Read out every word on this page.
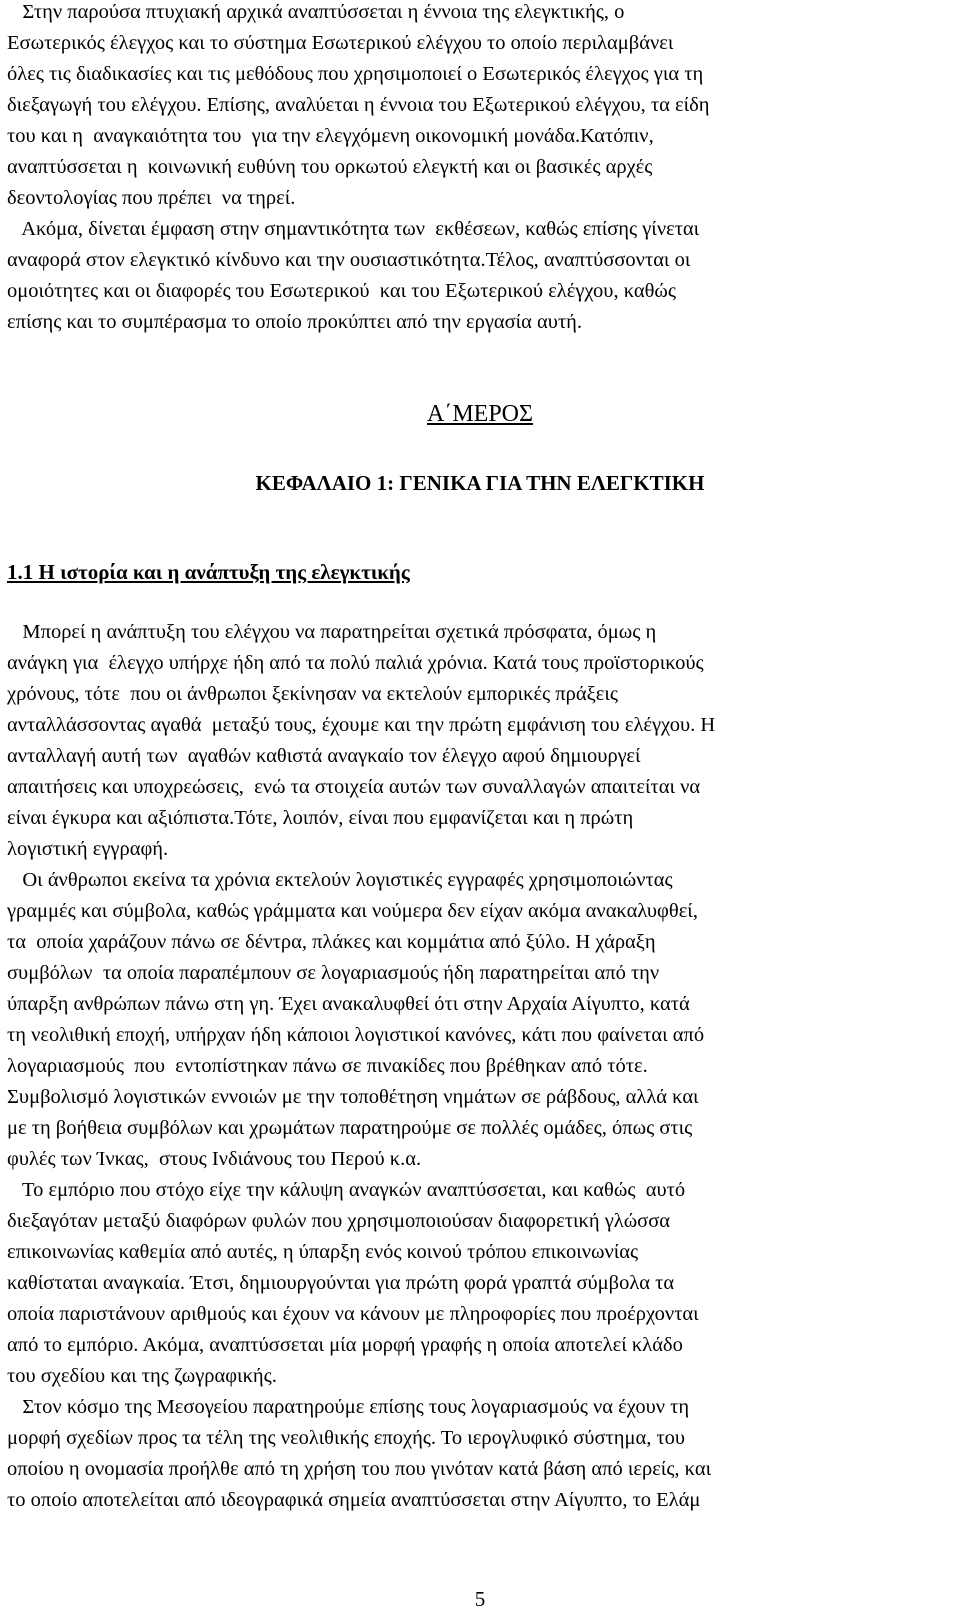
Στην παρούσα πτυχιακή αρχικά αναπτύσσεται η έννοια της ελεγκτικής, ο
Εσωτερικός έλεγχος και το σύστημα Εσωτερικού ελέγχου το οποίο περιλαμβάνει
όλες τις διαδικασίες και τις μεθόδους που χρησιμοποιεί ο Εσωτερικός έλεγχος για τη
διεξαγωγή του ελέγχου. Επίσης, αναλύεται η έννοια του Εξωτερικού ελέγχου, τα είδη
του και η  αναγκαιότητα του  για την ελεγχόμενη οικονομική μονάδα.Κατόπιν,
αναπτύσσεται η  κοινωνική ευθύνη του ορκωτού ελεγκτή και οι βασικές αρχές
δεοντολογίας που πρέπει  να τηρεί.
Ακόμα, δίνεται έμφαση στην σημαντικότητα των  εκθέσεων, καθώς επίσης γίνεται
αναφορά στον ελεγκτικό κίνδυνο και την ουσιαστικότητα.Τέλος, αναπτύσσονται οι
ομοιότητες και οι διαφορές του Εσωτερικού  και του Εξωτερικού ελέγχου, καθώς
επίσης και το συμπέρασμα το οποίο προκύπτει από την εργασία αυτή.
Α΄ΜΕΡΟΣ
ΚΕΦΑΛΑΙΟ 1: ΓΕΝΙΚΑ ΓΙΑ ΤΗΝ ΕΛΕΓΚΤΙΚΗ
1.1 Η ιστορία και η ανάπτυξη της ελεγκτικής
Μπορεί η ανάπτυξη του ελέγχου να παρατηρείται σχετικά πρόσφατα, όμως η
ανάγκη για  έλεγχο υπήρχε ήδη από τα πολύ παλιά χρόνια. Κατά τους προϊστορικούς
χρόνους, τότε  που οι άνθρωποι ξεκίνησαν να εκτελούν εμπορικές πράξεις
ανταλλάσσοντας αγαθά  μεταξύ τους, έχουμε και την πρώτη εμφάνιση του ελέγχου. Η
ανταλλαγή αυτή των  αγαθών καθιστά αναγκαίο τον έλεγχο αφού δημιουργεί
απαιτήσεις και υποχρεώσεις,  ενώ τα στοιχεία αυτών των συναλλαγών απαιτείται να
είναι έγκυρα και αξιόπιστα.Τότε, λοιπόν, είναι που εμφανίζεται και η πρώτη
λογιστική εγγραφή.
Οι άνθρωποι εκείνα τα χρόνια εκτελούν λογιστικές εγγραφές χρησιμοποιώντας
γραμμές και σύμβολα, καθώς γράμματα και νούμερα δεν είχαν ακόμα ανακαλυφθεί,
τα  οποία χαράζουν πάνω σε δέντρα, πλάκες και κομμάτια από ξύλο. Η χάραξη
συμβόλων  τα οποία παραπέμπουν σε λογαριασμούς ήδη παρατηρείται από την
ύπαρξη ανθρώπων πάνω στη γη. Έχει ανακαλυφθεί ότι στην Αρχαία Αίγυπτο, κατά
τη νεολιθική εποχή, υπήρχαν ήδη κάποιοι λογιστικοί κανόνες, κάτι που φαίνεται από
λογαριασμούς  που  εντοπίστηκαν πάνω σε πινακίδες που βρέθηκαν από τότε.
Συμβολισμό λογιστικών εννοιών με την τοποθέτηση νημάτων σε ράβδους, αλλά και
με τη βοήθεια συμβόλων και χρωμάτων παρατηρούμε σε πολλές ομάδες, όπως στις
φυλές των Ίνκας,  στους Ινδιάνους του Περού κ.α.
Το εμπόριο που στόχο είχε την κάλυψη αναγκών αναπτύσσεται, και καθώς  αυτό
διεξαγόταν μεταξύ διαφόρων φυλών που χρησιμοποιούσαν διαφορετική γλώσσα
επικοινωνίας καθεμία από αυτές, η ύπαρξη ενός κοινού τρόπου επικοινωνίας
καθίσταται αναγκαία. Έτσι, δημιουργούνται για πρώτη φορά γραπτά σύμβολα τα
οποία παριστάνουν αριθμούς και έχουν να κάνουν με πληροφορίες που προέρχονται
από το εμπόριο. Ακόμα, αναπτύσσεται μία μορφή γραφής η οποία αποτελεί κλάδο
του σχεδίου και της ζωγραφικής.
Στον κόσμο της Μεσογείου παρατηρούμε επίσης τους λογαριασμούς να έχουν τη
μορφή σχεδίων προς τα τέλη της νεολιθικής εποχής. Το ιερογλυφικό σύστημα, του
οποίου η ονομασία προήλθε από τη χρήση του που γινόταν κατά βάση από ιερείς, και
το οποίο αποτελείται από ιδεογραφικά σημεία αναπτύσσεται στην Αίγυπτο, το Ελάμ
5
